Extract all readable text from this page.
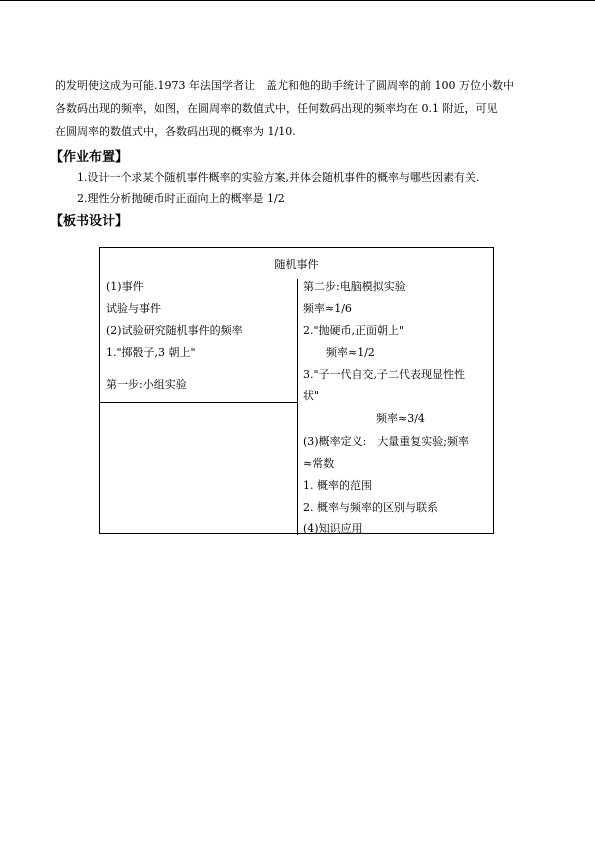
的发明使这成为可能.1973 年法国学者让　盖尤和他的助手统计了圆周率的前 100 万位小数中
各数码出现的频率，如图，在圆周率的数值式中，任何数码出现的频率均在 0.1 附近，可见
在圆周率的数值式中，各数码出现的概率为 1/10.
【作业布置】
1.设计一个求某个随机事件概率的实验方案,并体会随机事件的概率与哪些因素有关.
2.理性分析抛硬币时正面向上的概率是 1/2
【板书设计】
随机事件
(1)事件
试验与事件
(2)试验研究随机事件的频率
1."掷骰子,3 朝上"
第一步:小组实验
第二步:电脑模拟实验
频率≈1/6
2."抛硬币,正面朝上"
频率≈1/2
3."子一代自交,子二代表现显性性
状"
频率≈3/4
(3)概率定义:　大量重复实验;频率
≈常数
1. 概率的范围
2. 概率与频率的区别与联系
(4)知识应用
